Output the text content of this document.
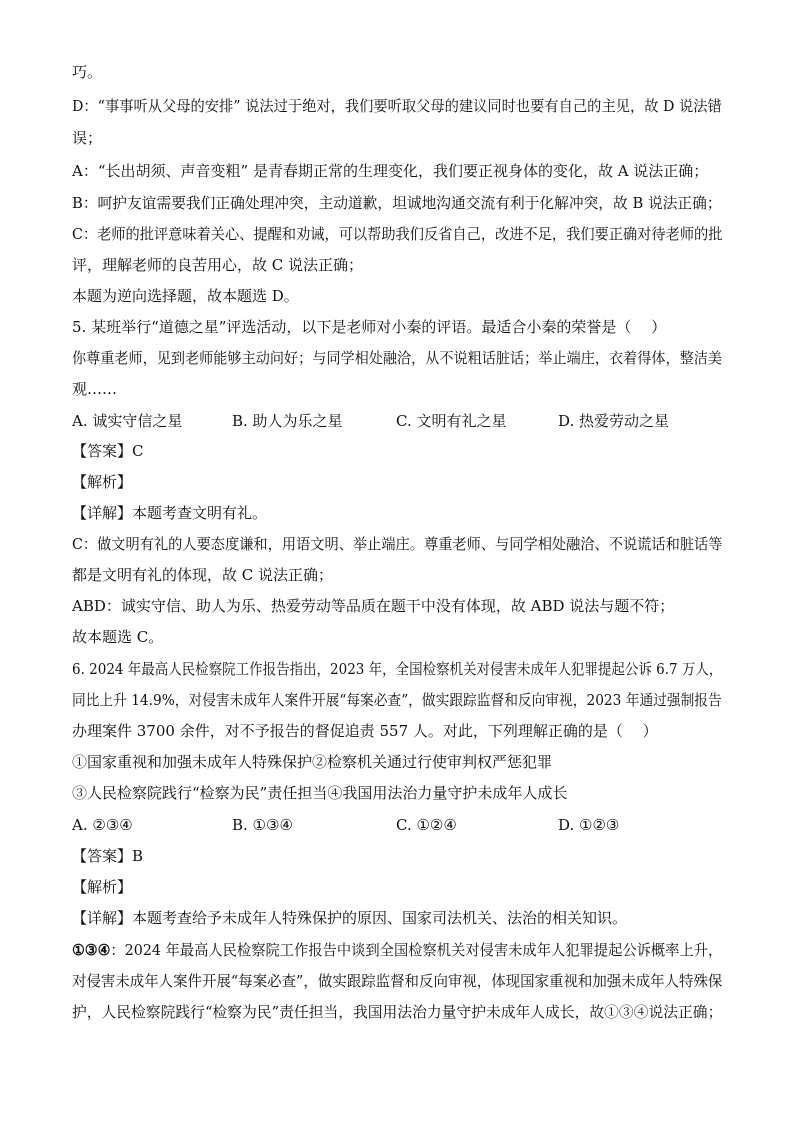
巧。
D：“事事听从父母的安排” 说法过于绝对，我们要听取父母的建议同时也要有自己的主见，故 D 说法错
误；
A：“长出胡须、声音变粗” 是青春期正常的生理变化，我们要正视身体的变化，故 A 说法正确；
B：呵护友谊需要我们正确处理冲突，主动道歉，坦诚地沟通交流有利于化解冲突，故 B 说法正确；
C：老师的批评意味着关心、提醒和劝诫，可以帮助我们反省自己，改进不足，我们要正确对待老师的批
评，理解老师的良苦用心，故 C 说法正确；
本题为逆向选择题，故本题选 D。
5. 某班举行“道德之星”评选活动，以下是老师对小秦的评语。最适合小秦的荣誉是（　 ）
你尊重老师，见到老师能够主动问好；与同学相处融洽，从不说粗话脏话；举止端庄，衣着得体，整洁美
观……
A. 诚实守信之星	B. 助人为乐之星	C. 文明有礼之星	D. 热爱劳动之星
【答案】C
【解析】
【详解】本题考查文明有礼。
C：做文明有礼的人要态度谦和，用语文明、举止端庄。尊重老师、与同学相处融洽、不说谎话和脏话等
都是文明有礼的体现，故 C 说法正确；
ABD：诚实守信、助人为乐、热爱劳动等品质在题干中没有体现，故 ABD 说法与题不符；
故本题选 C。
6. 2024 年最高人民检察院工作报告指出，2023 年，全国检察机关对侵害未成年人犯罪提起公诉 6.7 万人，
同比上升 14.9%，对侵害未成年人案件开展“每案必查”，做实跟踪监督和反向审视，2023 年通过强制报告
办理案件 3700 余件，对不予报告的督促追责 557 人。对此，下列理解正确的是（　 ）
①国家重视和加强未成年人特殊保护②检察机关通过行使审判权严惩犯罪
③人民检察院践行“检察为民”责任担当④我国用法治力量守护未成年人成长
A. ②③④	B. ①③④	C. ①②④	D. ①②③
【答案】B
【解析】
【详解】本题考查给予未成年人特殊保护的原因、国家司法机关、法治的相关知识。
①③④：2024 年最高人民检察院工作报告中谈到全国检察机关对侵害未成年人犯罪提起公诉概率上升，
对侵害未成年人案件开展“每案必查”，做实跟踪监督和反向审视，体现国家重视和加强未成年人特殊保
护，人民检察院践行“检察为民”责任担当，我国用法治力量守护未成年人成长，故①③④说法正确；
